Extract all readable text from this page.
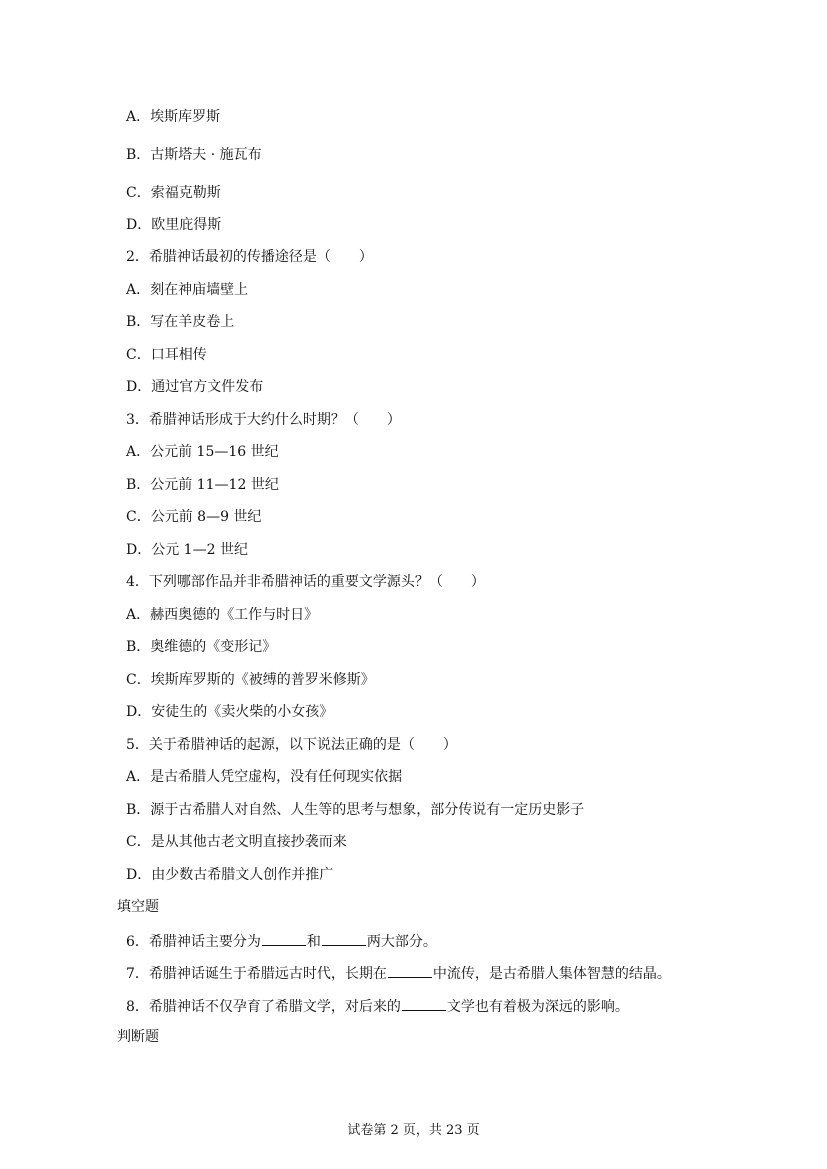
A．埃斯库罗斯
B．古斯塔夫 · 施瓦布
C．索福克勒斯
D．欧里庇得斯
2．希腊神话最初的传播途径是（　　）
A．刻在神庙墙壁上
B．写在羊皮卷上
C．口耳相传
D．通过官方文件发布
3．希腊神话形成于大约什么时期？（　　）
A．公元前 15—16 世纪
B．公元前 11—12 世纪
C．公元前 8—9 世纪
D．公元 1—2 世纪
4．下列哪部作品并非希腊神话的重要文学源头？（　　）
A．赫西奥德的《工作与时日》
B．奥维德的《变形记》
C．埃斯库罗斯的《被缚的普罗米修斯》
D．安徒生的《卖火柴的小女孩》
5．关于希腊神话的起源，以下说法正确的是（　　）
A．是古希腊人凭空虚构，没有任何现实依据
B．源于古希腊人对自然、人生等的思考与想象，部分传说有一定历史影子
C．是从其他古老文明直接抄袭而来
D．由少数古希腊文人创作并推广
填空题
6．希腊神话主要分为	和	两大部分。
7．希腊神话诞生于希腊远古时代，长期在	中流传，是古希腊人集体智慧的结晶。
8．希腊神话不仅孕育了希腊文学，对后来的	文学也有着极为深远的影响。
判断题
试卷第 2 页，共 23 页
